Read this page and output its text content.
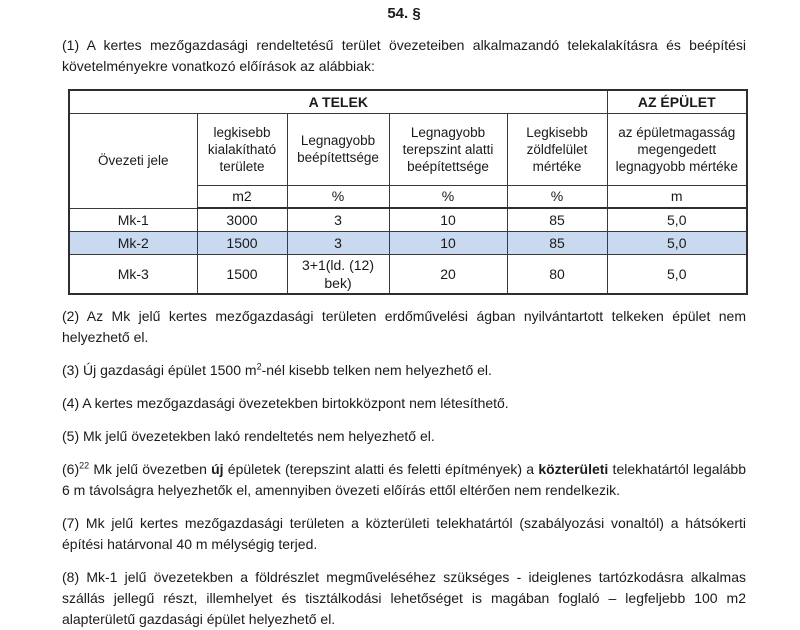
54. §

(1) A kertes mezőgazdasági rendeltetésű terület övezeteiben alkalmazandó telekalakításra és beépítési követelményekre vonatkozó előírások az alábbiak:

A TELEK					AZ ÉPÜLET
Övezeti jele	legkisebb kialakítható területe	Legnagyobb beépítettsége	Legnagyobb terepszint alatti beépítettsége	Legkisebb zöldfelület mértéke	az épületmagasság megengedett legnagyobb mértéke
	m2	%	%	%	m
Mk-1	3000	3	10	85	5,0
Mk-2	1500	3	10	85	5,0
Mk-3	1500	3+1(ld. (12) bek)	20	80	5,0

(2) Az Mk jelű kertes mezőgazdasági területen erdőművelési ágban nyilvántartott telkeken épület nem helyezhető el.

(3) Új gazdasági épület 1500 $m^2$-nél kisebb telken nem helyezhető el.

(4) A kertes mezőgazdasági övezetekben birtokközpont nem létesíthető.

(5) Mk jelű övezetekben lakó rendeltetés nem helyezhető el.

(6)$^{22}$ Mk jelű övezetben új épületek (terepszint alatti és feletti építmények) a közterületi telekhatártól legalább 6 m távolságra helyezhetők el, amennyiben övezeti előírás ettől eltérően nem rendelkezik.

(7) Mk jelű kertes mezőgazdasági területen a közterületi telekhatártól (szabályozási vonaltól) a hátsókerti építési határvonal 40 m mélységig terjed.

(8) Mk-1 jelű övezetekben a földrészlet megműveléséhez szükséges - ideiglenes tartózkodásra alkalmas szállás jellegű részt, illemhelyet és tisztálkodási lehetőséget is magában foglaló – legfeljebb 100 m2 alapterületű gazdasági épület helyezhető el.
